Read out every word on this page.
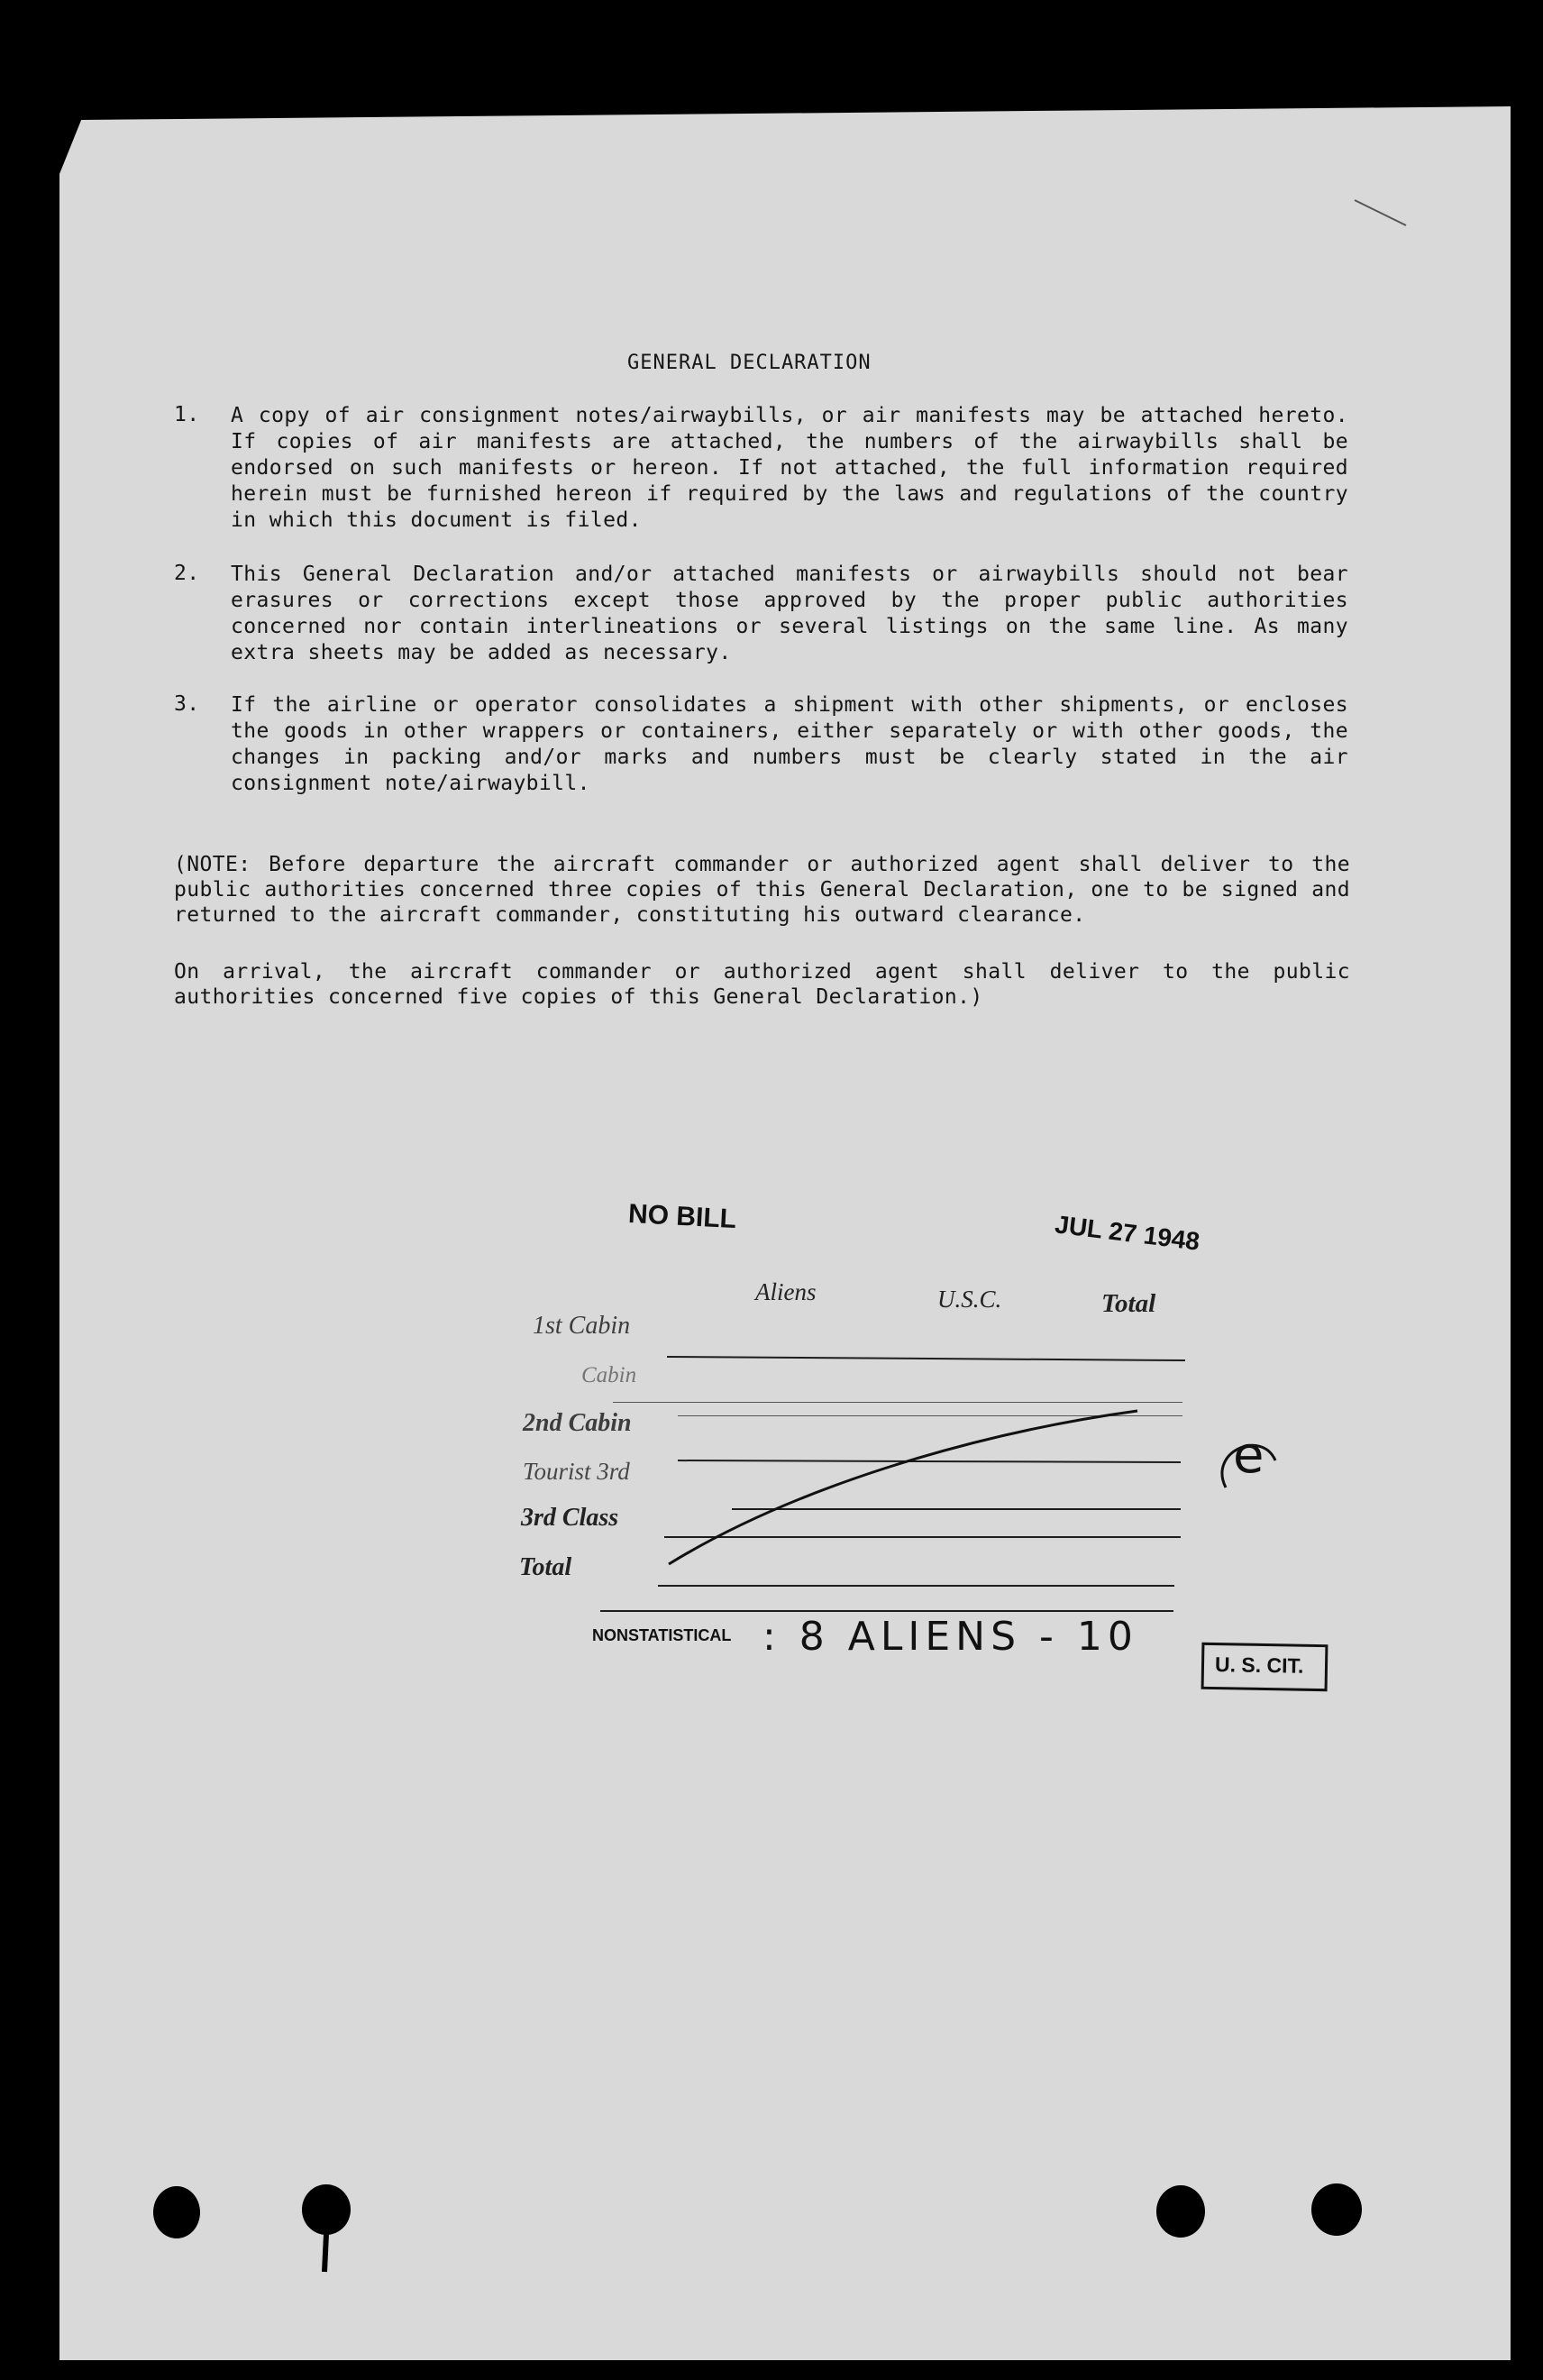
GENERAL DECLARATION
1.	A copy of air consignment notes/airwaybills, or air manifests may be attached hereto. If copies of air manifests are attached, the numbers of the airwaybills shall be endorsed on such manifests or hereon. If not attached, the full information required herein must be furnished hereon if required by the laws and regulations of the country in which this document is filed.
2.	This General Declaration and/or attached manifests or airwaybills should not bear erasures or corrections except those approved by the proper public authorities concerned nor contain interlineations or several listings on the same line. As many extra sheets may be added as necessary.
3.	If the airline or operator consolidates a shipment with other shipments, or encloses the goods in other wrappers or containers, either separately or with other goods, the changes in packing and/or marks and numbers must be clearly stated in the air consignment note/airwaybill.
(NOTE: Before departure the aircraft commander or authorized agent shall deliver to the public authorities concerned three copies of this General Declaration, one to be signed and returned to the aircraft commander, constituting his outward clearance.
On arrival, the aircraft commander or authorized agent shall deliver to the public authorities concerned five copies of this General Declaration.)
NO BILL	JUL 27 1948
Aliens	U.S.C.	Total
1st Cabin
Cabin
2nd Cabin
Tourist 3rd
3rd Class
Total
NONSTATISTICAL : 8 ALIENS - 10
e
U. S. CIT.
